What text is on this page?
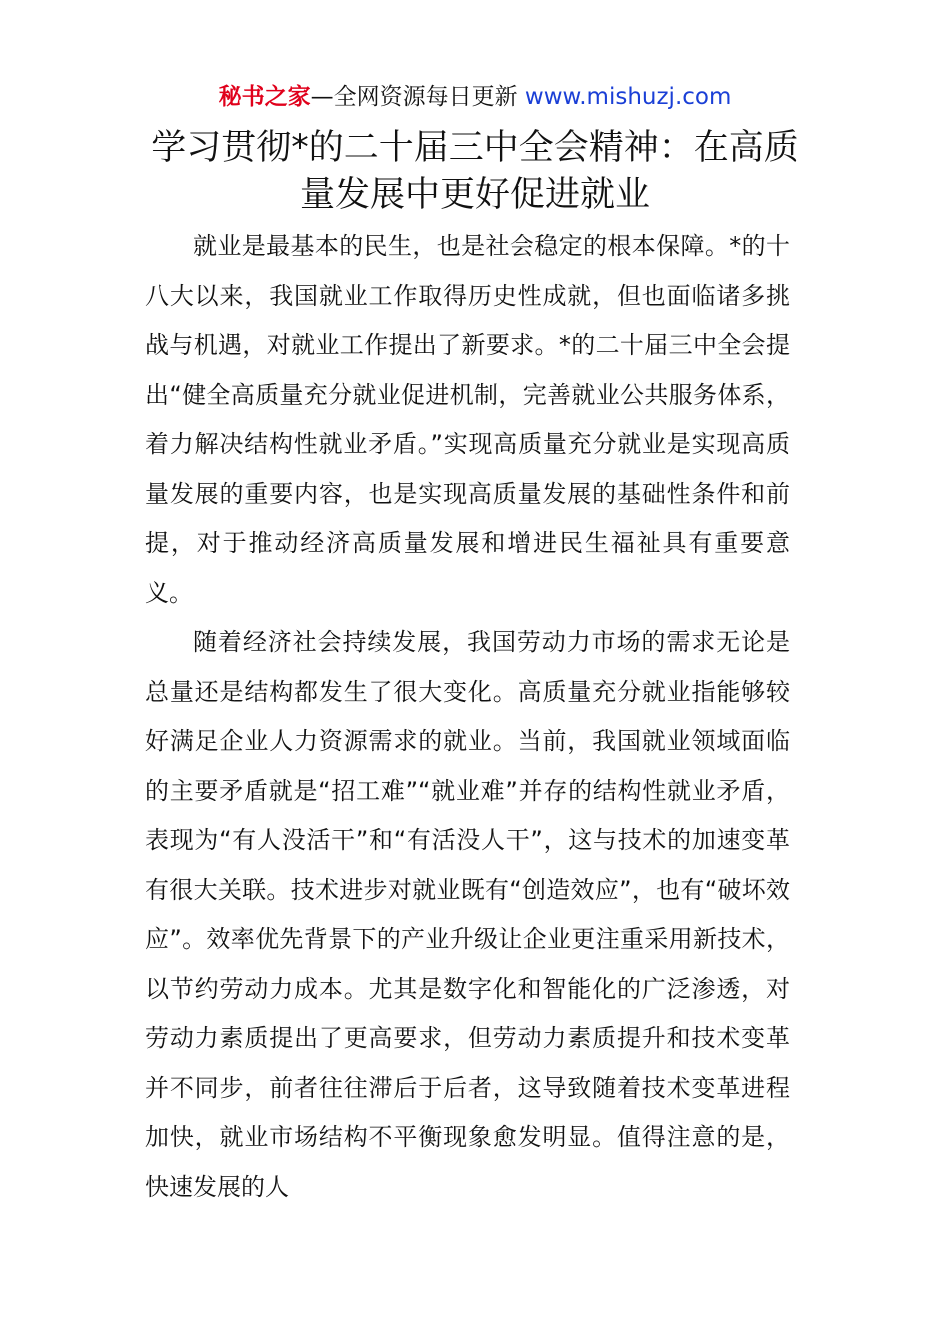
秘书之家—全网资源每日更新 www.mishuzj.com
学习贯彻*的二十届三中全会精神：在高质量发展中更好促进就业

就业是最基本的民生，也是社会稳定的根本保障。*的十八大以来，我国就业工作取得历史性成就，但也面临诸多挑战与机遇，对就业工作提出了新要求。*的二十届三中全会提出“健全高质量充分就业促进机制，完善就业公共服务体系，着力解决结构性就业矛盾。”实现高质量充分就业是实现高质量发展的重要内容，也是实现高质量发展的基础性条件和前提，对于推动经济高质量发展和增进民生福祉具有重要意义。

随着经济社会持续发展，我国劳动力市场的需求无论是总量还是结构都发生了很大变化。高质量充分就业指能够较好满足企业人力资源需求的就业。当前，我国就业领域面临的主要矛盾就是“招工难”“就业难”并存的结构性就业矛盾，表现为“有人没活干”和“有活没人干”，这与技术的加速变革有很大关联。技术进步对就业既有“创造效应”，也有“破坏效应”。效率优先背景下的产业升级让企业更注重采用新技术，以节约劳动力成本。尤其是数字化和智能化的广泛渗透，对劳动力素质提出了更高要求，但劳动力素质提升和技术变革并不同步，前者往往滞后于后者，这导致随着技术变革进程加快，就业市场结构不平衡现象愈发明显。值得注意的是，快速发展的人
